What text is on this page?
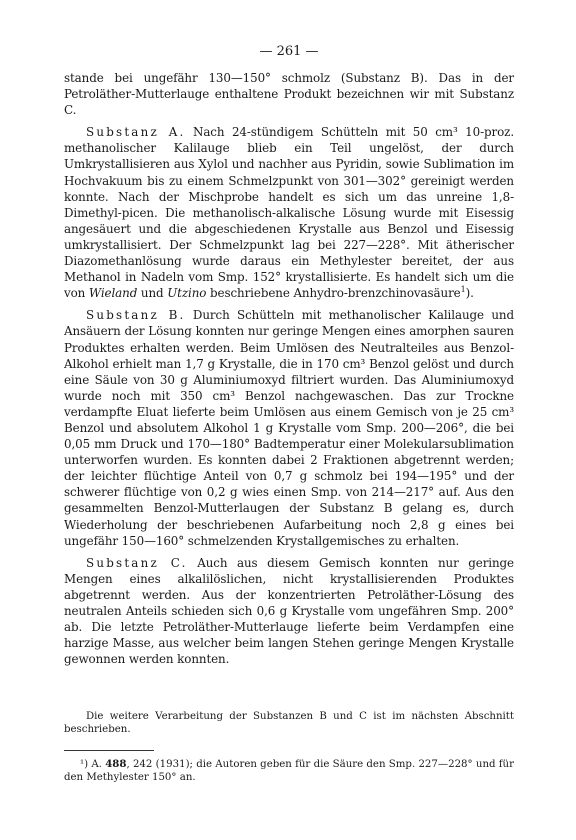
— 261 —

stande bei ungefähr 130—150° schmolz (Substanz B). Das in der Petroläther-Mutterlauge enthaltene Produkt bezeichnen wir mit Substanz C.

Substanz A. Nach 24-stündigem Schütteln mit 50 cm³ 10-proz. methanolischer Kalilauge blieb ein Teil ungelöst, der durch Umkrystallisieren aus Xylol und nachher aus Pyridin, sowie Sublimation im Hochvakuum bis zu einem Schmelzpunkt von 301—302° gereinigt werden konnte. Nach der Mischprobe handelt es sich um das unreine 1,8-Dimethyl-picen. Die methanolisch-alkalische Lösung wurde mit Eisessig angesäuert und die abgeschiedenen Krystalle aus Benzol und Eisessig umkrystallisiert. Der Schmelzpunkt lag bei 227—228°. Mit ätherischer Diazomethanlösung wurde daraus ein Methylester bereitet, der aus Methanol in Nadeln vom Smp. 152° krystallisierte. Es handelt sich um die von Wieland und Utzino beschriebene Anhydro-brenzchinovasäure$^1$).

Substanz B. Durch Schütteln mit methanolischer Kalilauge und Ansäuern der Lösung konnten nur geringe Mengen eines amorphen sauren Produktes erhalten werden. Beim Umlösen des Neutralteiles aus Benzol-Alkohol erhielt man 1,7 g Krystalle, die in 170 cm³ Benzol gelöst und durch eine Säule von 30 g Aluminiumoxyd filtriert wurden. Das Aluminiumoxyd wurde noch mit 350 cm³ Benzol nachgewaschen. Das zur Trockne verdampfte Eluat lieferte beim Umlösen aus einem Gemisch von je 25 cm³ Benzol und absolutem Alkohol 1 g Krystalle vom Smp. 200—206°, die bei 0,05 mm Druck und 170—180° Badtemperatur einer Molekularsublimation unterworfen wurden. Es konnten dabei 2 Fraktionen abgetrennt werden; der leichter flüchtige Anteil von 0,7 g schmolz bei 194—195° und der schwerer flüchtige von 0,2 g wies einen Smp. von 214—217° auf. Aus den gesammelten Benzol-Mutterlaugen der Substanz B gelang es, durch Wiederholung der beschriebenen Aufarbeitung noch 2,8 g eines bei ungefähr 150—160° schmelzenden Krystallgemisches zu erhalten.

Substanz C. Auch aus diesem Gemisch konnten nur geringe Mengen eines alkalilöslichen, nicht krystallisierenden Produktes abgetrennt werden. Aus der konzentrierten Petroläther-Lösung des neutralen Anteils schieden sich 0,6 g Krystalle vom ungefähren Smp. 200° ab. Die letzte Petroläther-Mutterlauge lieferte beim Verdampfen eine harzige Masse, aus welcher beim langen Stehen geringe Mengen Krystalle gewonnen werden konnten.

Die weitere Verarbeitung der Substanzen B und C ist im nächsten Abschnitt beschrieben.

¹) A. 488, 242 (1931); die Autoren geben für die Säure den Smp. 227—228° und für den Methylester 150° an.
